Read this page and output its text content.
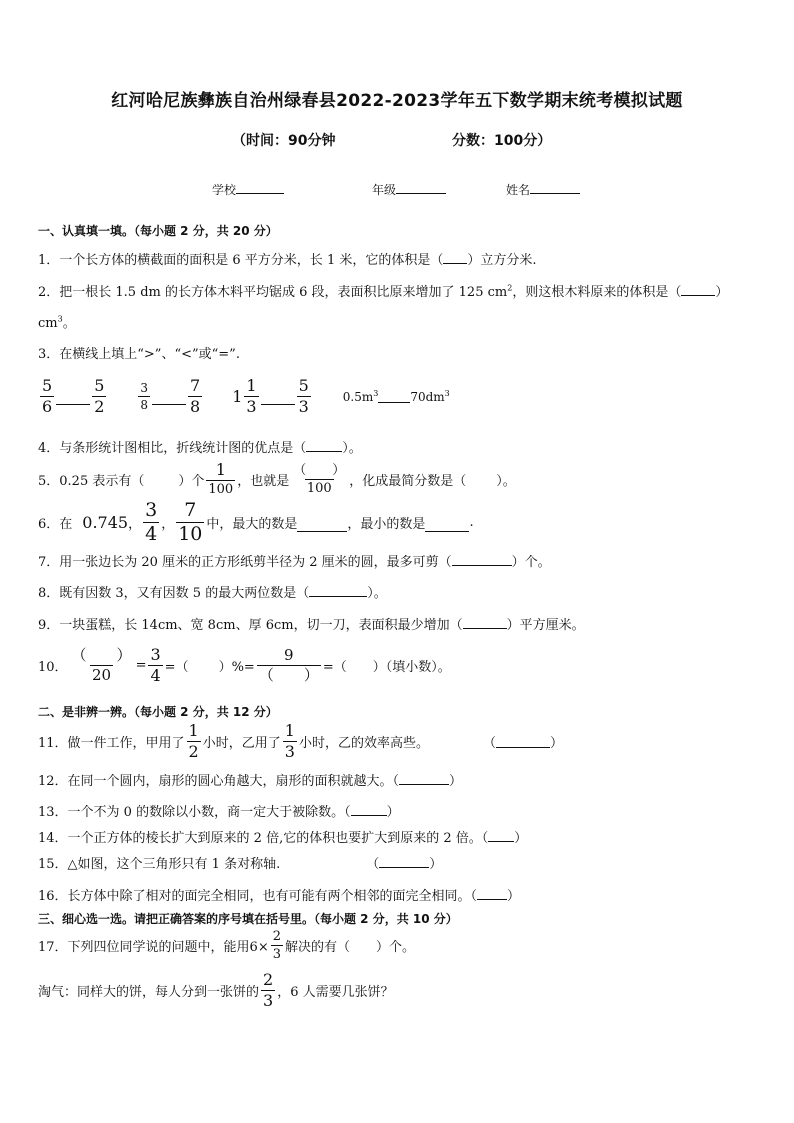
红河哈尼族彝族自治州绿春县2022-2023学年五下数学期末统考模拟试题
（时间：90分钟	分数：100分）
学校	年级	姓名
一、认真填一填。（每小题 2 分，共 20 分）
1．一个长方体的横截面的面积是 6 平方分米，长 1 米，它的体积是（ ）立方分米.
2．把一根长 1.5 dm 的长方体木料平均锯成 6 段，表面积比原来增加了 125 $cm^2$，则这根木料原来的体积是（	）
$cm^3$。
3．在横线上填上“>”、“<”或“=”.
$\frac{5}{6} \frac{5}{2}$	$\frac{3}{8} \frac{7}{8} 1 \frac{1}{3} \frac{5}{3}$	$0.5m^3$	$70dm^3$
4．与条形统计图相比，折线统计图的优点是（	）。
5．0.25 表示有（	）个 $\frac{1}{100}$ ，也就是 $\frac{( )}{100}$ ，化成最简分数是（ ）。
6．在 0.745 ， $\frac{3}{4}$ ， $\frac{7}{10}$ 中，最大的数是	，最小的数是	.
7．用一张边长为 20 厘米的正方形纸剪半径为 2 厘米的圆，最多可剪（	）个。
8．既有因数 3，又有因数 5 的最大两位数是（	）。
9．一块蛋糕，长 14cm、宽 8cm、厚 6cm，切一刀，表面积最少增加（	）平方厘米。
10． $\frac{( )}{20} = \frac{3}{4}$ =（ ）%= $\frac{9}{( )}$ =（ ）（填小数）。
二、是非辨一辨。（每小题 2 分，共 12 分）
11．做一件工作，甲用了 $\frac{1}{2}$ 小时，乙用了 $\frac{1}{3}$ 小时，乙的效率高些。	（	）
12．在同一个圆内，扇形的圆心角越大，扇形的面积就越大。（	）
13．一个不为 0 的数除以小数，商一定大于被除数。（	）
14．一个正方体的棱长扩大到原来的 2 倍,它的体积也要扩大到原来的 2 倍。（ ）
15．△如图，这个三角形只有 1 条对称轴.	（	）
16．长方体中除了相对的面完全相同，也有可能有两个相邻的面完全相同。（ ）
三、细心选一选。请把正确答案的序号填在括号里。（每小题 2 分，共 10 分）
17．下列四位同学说的问题中，能用$6\times \frac{2}{3}$ 解决的有（ ）个。
淘气：同样大的饼，每人分到一张饼的 $\frac{2}{3}$ ，6 人需要几张饼？
